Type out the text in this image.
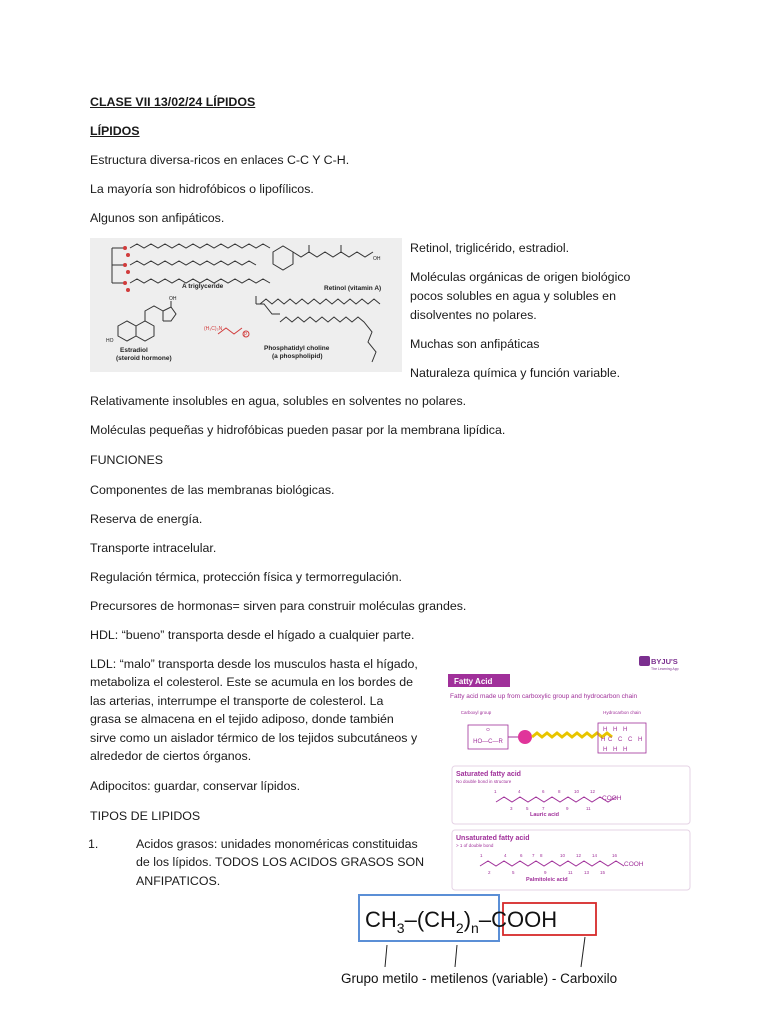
CLASE VII 13/02/24 LÍPIDOS
LÍPIDOS
Estructura diversa-ricos en enlaces C-C Y C-H.
La mayoría son hidrofóbicos o lipofílicos.
Algunos son anfipáticos.
A triglyceride
OH
Retinol (vitamin A)
OH
HO
Estradiol
(steroid hormone)
(H₃C)₃N
P
Phosphatidyl choline
(a phospholipid)
Retinol, triglicérido, estradiol.
Moléculas orgánicas de origen biológico
pocos solubles en agua y solubles en
disolventes no polares.
Muchas son anfipáticas
Naturaleza química y función variable.
Relativamente insolubles en agua, solubles en solventes no polares.
Moléculas pequeñas y hidrofóbicas pueden pasar por la membrana lipídica.
FUNCIONES
Componentes de las membranas biológicas.
Reserva de energía.
Transporte intracelular.
Regulación térmica, protección física y termorregulación.
Precursores de hormonas= sirven para construir moléculas grandes.
HDL: “bueno” transporta desde el hígado a cualquier parte.
LDL: “malo” transporta desde los musculos hasta el hígado,
metaboliza el colesterol. Este se acumula en los bordes de
las arterias, interrumpe el transporte de colesterol. La
grasa se almacena en el tejido adiposo, donde también
sirve como un aislador térmico de los tejidos subcutáneos y
alrededor de ciertos órganos.
Adipocitos: guardar, conservar lípidos.
TIPOS DE LIPIDOS
1.	Acidos grasos: unidades monoméricas constituidas
de los lípidos. TODOS LOS ACIDOS GRASOS SON
ANFIPATICOS.
BYJU'S
The Learning App
Fatty Acid
Fatty acid made up from carboxylic group and hydrocarbon chain
Carboxyl group
O
HO—C—R
Hydrocarbon chain
H H H
H C C C H
H H H
Saturated fatty acid
No double bond in structure
COOH
1	4	6	8	10 12
3	5	7	9	11
Lauric acid
Unsaturated fatty acid
> 1 of double bond
COOH
1	4	6 7 8	10 12 14	16
2	5	9	11	13 15
Palmitoleic acid
$CH_3-(CH_2)_n$–COOH
Grupo metilo - metilenos (variable) - Carboxilo
